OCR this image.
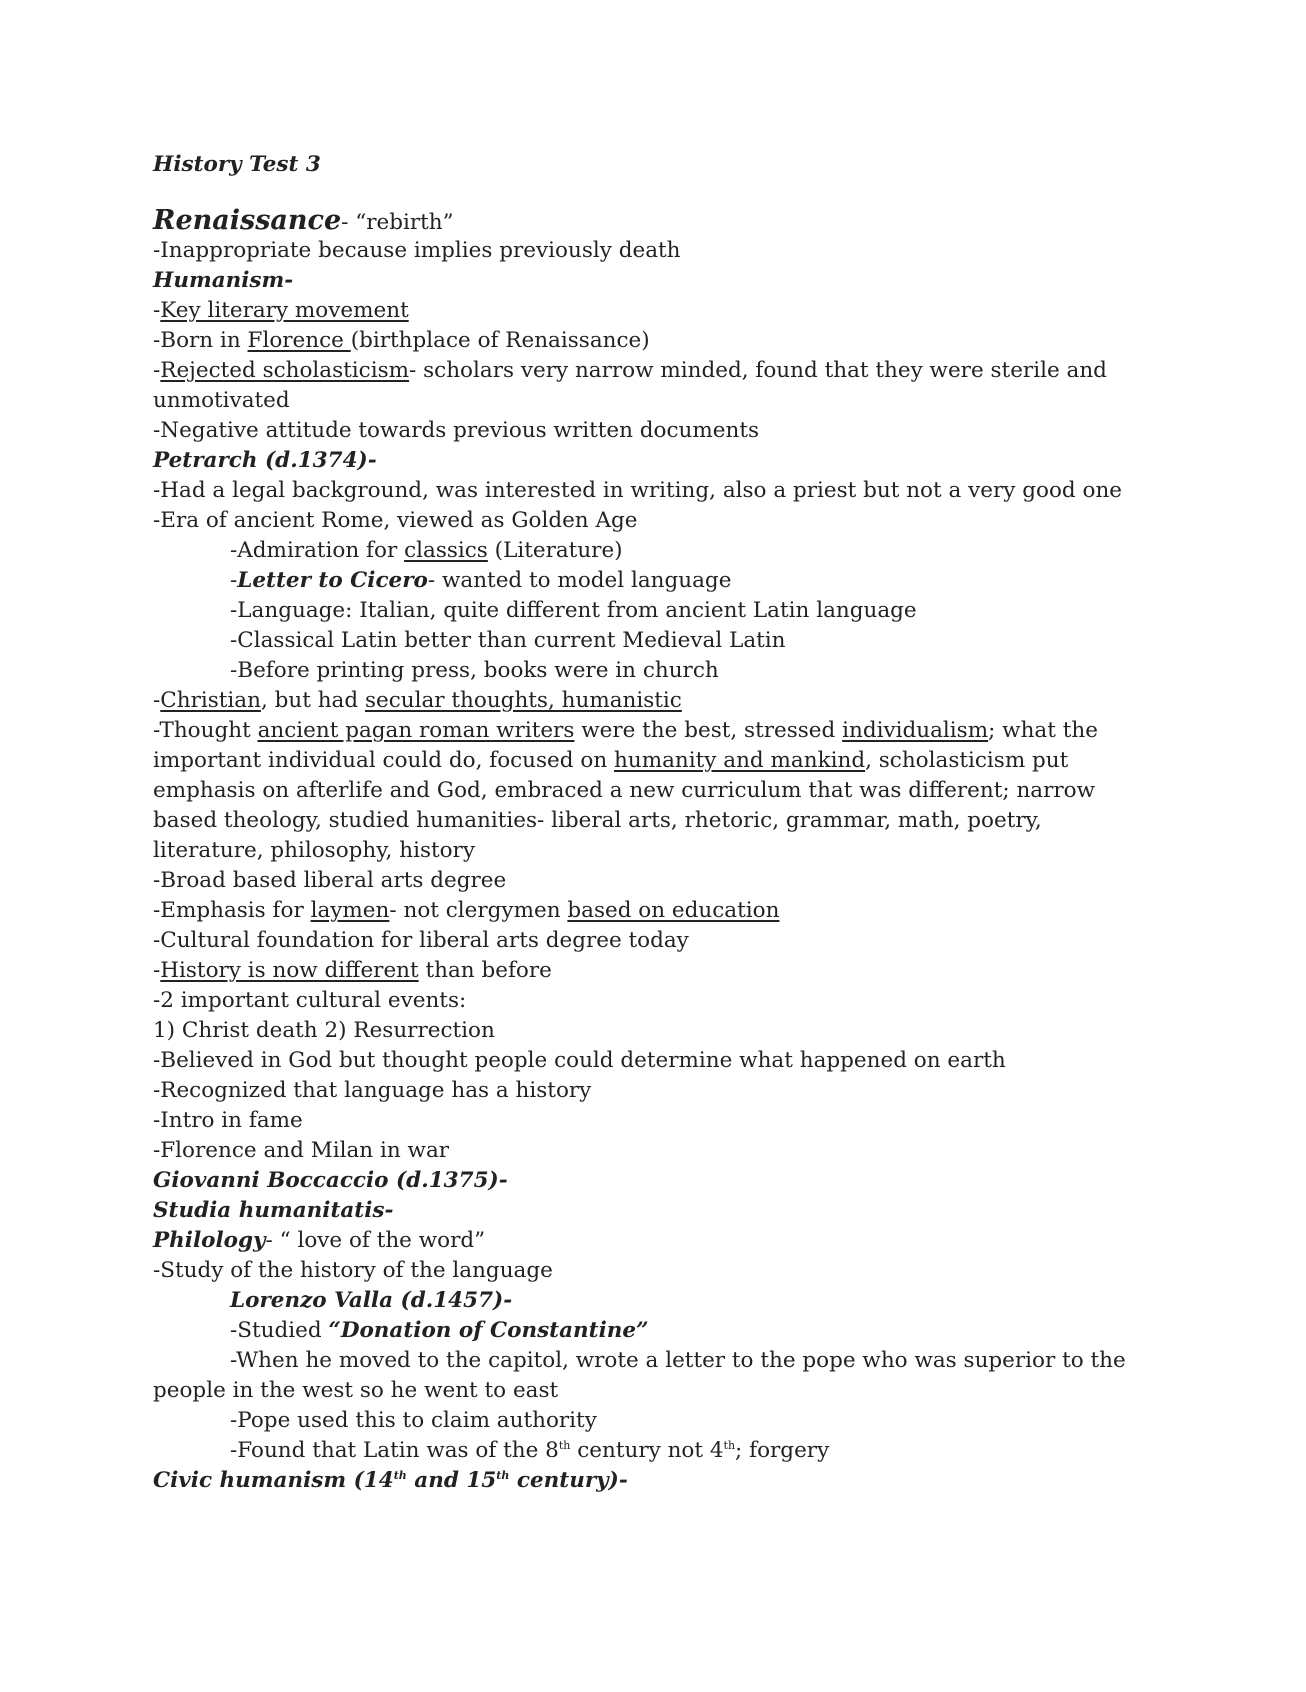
History Test 3
Renaissance- “rebirth”
-Inappropriate because implies previously death
Humanism-
-Key literary movement
-Born in Florence (birthplace of Renaissance)
-Rejected scholasticism- scholars very narrow minded, found that they were sterile and
unmotivated
-Negative attitude towards previous written documents
Petrarch (d.1374)-
-Had a legal background, was interested in writing, also a priest but not a very good one
-Era of ancient Rome, viewed as Golden Age
-Admiration for classics (Literature)
-Letter to Cicero- wanted to model language
-Language: Italian, quite different from ancient Latin language
-Classical Latin better than current Medieval Latin
-Before printing press, books were in church
-Christian, but had secular thoughts, humanistic
-Thought ancient pagan roman writers were the best, stressed individualism; what the
important individual could do, focused on humanity and mankind, scholasticism put
emphasis on afterlife and God, embraced a new curriculum that was different; narrow
based theology, studied humanities- liberal arts, rhetoric, grammar, math, poetry,
literature, philosophy, history
-Broad based liberal arts degree
-Emphasis for laymen- not clergymen based on education
-Cultural foundation for liberal arts degree today
-History is now different than before
-2 important cultural events:
1) Christ death 2) Resurrection
-Believed in God but thought people could determine what happened on earth
-Recognized that language has a history
-Intro in fame
-Florence and Milan in war
Giovanni Boccaccio (d.1375)-
Studia humanitatis-
Philology- “ love of the word”
-Study of the history of the language
Lorenzo Valla (d.1457)-
-Studied “Donation of Constantine”
-When he moved to the capitol, wrote a letter to the pope who was superior to the
people in the west so he went to east
-Pope used this to claim authority
-Found that Latin was of the 8th century not 4th; forgery
Civic humanism (14th and 15th century)-
